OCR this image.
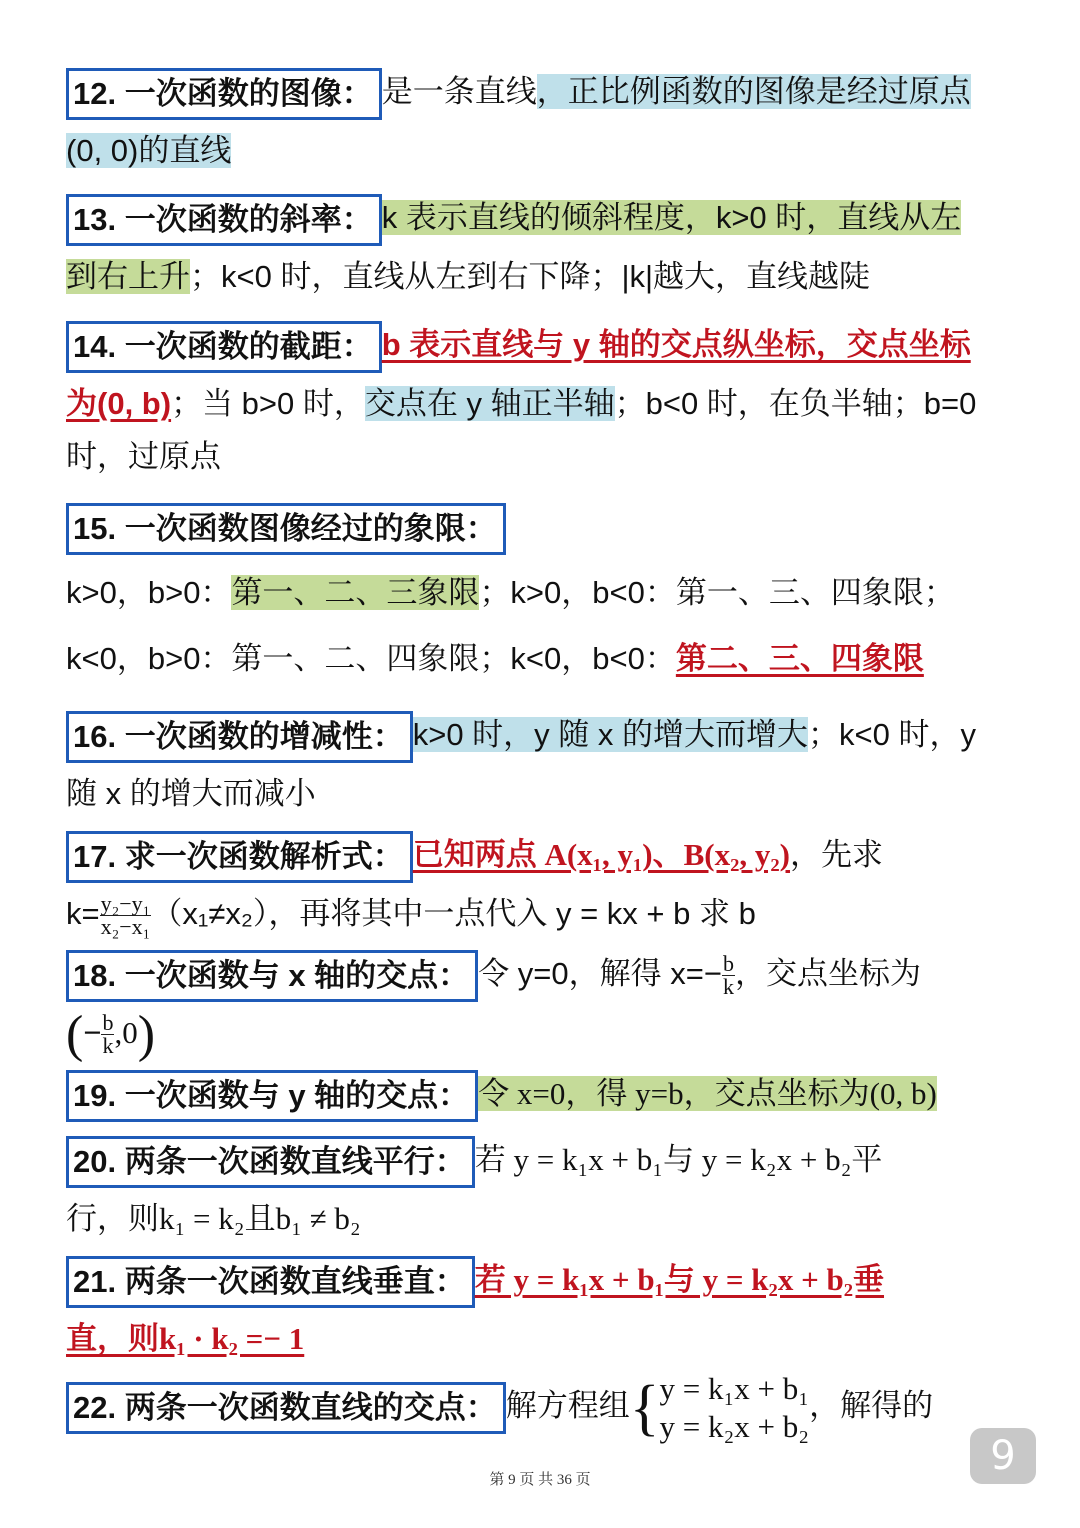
12. 一次函数的图像： 是一条直线，正比例函数的图像是经过原点
(0, 0)的直线
13. 一次函数的斜率： k 表示直线的倾斜程度，k>0 时，直线从左
到右上升；k<0 时，直线从左到右下降；|k|越大，直线越陡
14. 一次函数的截距： b 表示直线与 y 轴的交点纵坐标，交点坐标
为(0, b)；当 b>0 时，交点在 y 轴正半轴；b<0 时，在负半轴；b=0
时，过原点
15. 一次函数图像经过的象限：
k>0，b>0：第一、二、三象限；k>0，b<0：第一、三、四象限；
k<0，b>0：第一、二、四象限；k<0，b<0：第二、三、四象限
16. 一次函数的增减性： k>0 时，y 随 x 的增大而增大；k<0 时，y
随 x 的增大而减小
17. 求一次函数解析式： 已知两点 A(x₁, y₁)、B(x₂, y₂)，先求
$k= \frac{\text{y₂−y₁}}{\text{x₂−x₁}} (x_1\ne x_2)$，再将其中一点代入 y = kx + b 求 b
18. 一次函数与 x 轴的交点： 令 y=0，解得 $x=- \frac{b}{k}$ ，交点坐标为
(− $\frac{b}{k} ,0$)
19. 一次函数与 y 轴的交点： 令 x=0，得 y=b，交点坐标为(0, b)
20. 两条一次函数直线平行： 若 y = k₁x + b₁与 y = k₂x + b₂平
行，则k₁ = k₂且b₁ ≠ b₂
21. 两条一次函数直线垂直： 若 y = k₁x + b₁与 y = k₂x + b₂垂
直，则k₁ · k₂ =− 1
22. 两条一次函数直线的交点： 解方程组{ y = k₁x + b₁
y = k₂x + b₂
，解得的
第 9 页 共 36 页
9
